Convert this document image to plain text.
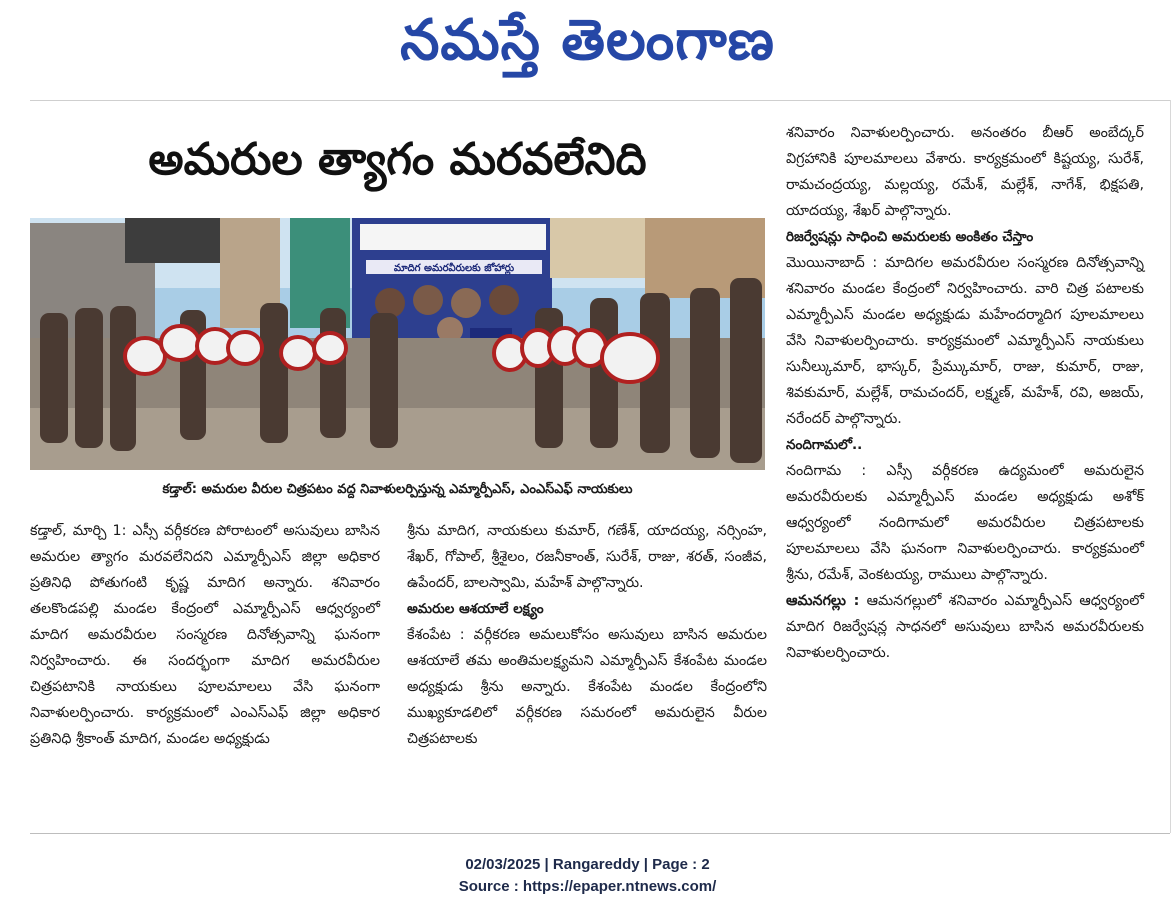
నమస్తే తెలంగాణ
అమరుల త్యాగం మరవలేనిది
మాదిగ అమరవీరులకు జోహార్లు
కడ్తాల్: అమరుల వీరుల చిత్రపటం వద్ద నివాళులర్పిస్తున్న ఎమ్మార్పీఎస్, ఎంఎస్ఎఫ్ నాయకులు

కడ్తాల్, మార్చి 1: ఎస్సీ వర్గీకరణ పోరాటంలో అసువులు బాసిన అమరుల త్యాగం మరవలేనిదని ఎమ్మార్పీఎస్ జిల్లా అధికార ప్రతినిధి పోతుగంటి కృష్ణ మాదిగ అన్నారు. శనివారం తలకొండపల్లి మండల కేంద్రంలో ఎమ్మార్పీఎస్ ఆధ్వర్యంలో మాదిగ అమరవీరుల సంస్మరణ దినోత్సవాన్ని ఘనంగా నిర్వహించారు. ఈ సందర్భంగా మాదిగ అమరవీరుల చిత్రపటానికి నాయకులు పూలమాలలు వేసి ఘనంగా నివాళులర్పించారు. కార్యక్రమంలో ఎంఎస్ఎఫ్ జిల్లా అధికార ప్రతినిధి శ్రీకాంత్ మాదిగ, మండల అధ్యక్షుడు

శ్రీను మాదిగ, నాయకులు కుమార్, గణేశ్, యాదయ్య, నర్సింహ, శేఖర్, గోపాల్, శ్రీశైలం, రజనీకాంత్, సురేశ్, రాజు, శరత్, సంజీవ, ఉపేందర్, బాలస్వామి, మహేశ్ పాల్గొన్నారు.

అమరుల ఆశయాలే లక్ష్యం

కేశంపేట : వర్గీకరణ అమలుకోసం అసువులు బాసిన అమరుల ఆశయాలే తమ అంతిమలక్ష్యమని ఎమ్మార్పీఎస్ కేశంపేట మండల అధ్యక్షుడు శ్రీను అన్నారు. కేశంపేట మండల కేంద్రంలోని ముఖ్యకూడలిలో వర్గీకరణ సమరంలో అమరులైన వీరుల చిత్రపటాలకు

శనివారం నివాళులర్పించారు. అనంతరం బీఆర్ అంబేద్కర్ విగ్రహానికి పూలమాలలు వేశారు. కార్యక్రమంలో కిష్టయ్య, సురేశ్, రామచంద్రయ్య, మల్లయ్య, రమేశ్, మల్లేశ్, నాగేశ్, భిక్షపతి, యాదయ్య, శేఖర్ పాల్గొన్నారు.

రిజర్వేషన్లు సాధించి అమరులకు అంకితం చేస్తాం

మొయినాబాద్ : మాదిగల అమరవీరుల సంస్మరణ దినోత్సవాన్ని శనివారం మండల కేంద్రంలో నిర్వహించారు. వారి చిత్ర పటాలకు ఎమ్మార్పీఎస్ మండల అధ్యక్షుడు మహేందర్మాదిగ పూలమాలలు వేసి నివాళులర్పించారు. కార్యక్రమంలో ఎమ్మార్పీఎస్ నాయకులు సునీల్కుమార్, భాస్కర్, ప్రేమ్కుమార్, రాజు, కుమార్, రాజు, శివకుమార్, మల్లేశ్, రామచందర్, లక్ష్మణ్, మహేశ్, రవి, అజయ్, నరేందర్ పాల్గొన్నారు.

నందిగామలో..

నందిగామ : ఎస్సీ వర్గీకరణ ఉద్యమంలో అమరులైన అమరవీరులకు ఎమ్మార్పీఎస్ మండల అధ్యక్షుడు అశోక్ ఆధ్వర్యంలో నందిగామలో అమరవీరుల చిత్రపటాలకు పూలమాలలు వేసి ఘనంగా నివాళులర్పించారు. కార్యక్రమంలో శ్రీను, రమేశ్, వెంకటయ్య, రాములు పాల్గొన్నారు.

ఆమనగల్లు : ఆమనగల్లులో శనివారం ఎమ్మార్పీఎస్ ఆధ్వర్యంలో మాదిగ రిజర్వేషన్ల సాధనలో అసువులు బాసిన అమరవీరులకు నివాళులర్పించారు.

02/03/2025 | Rangareddy | Page : 2
Source : https://epaper.ntnews.com/
